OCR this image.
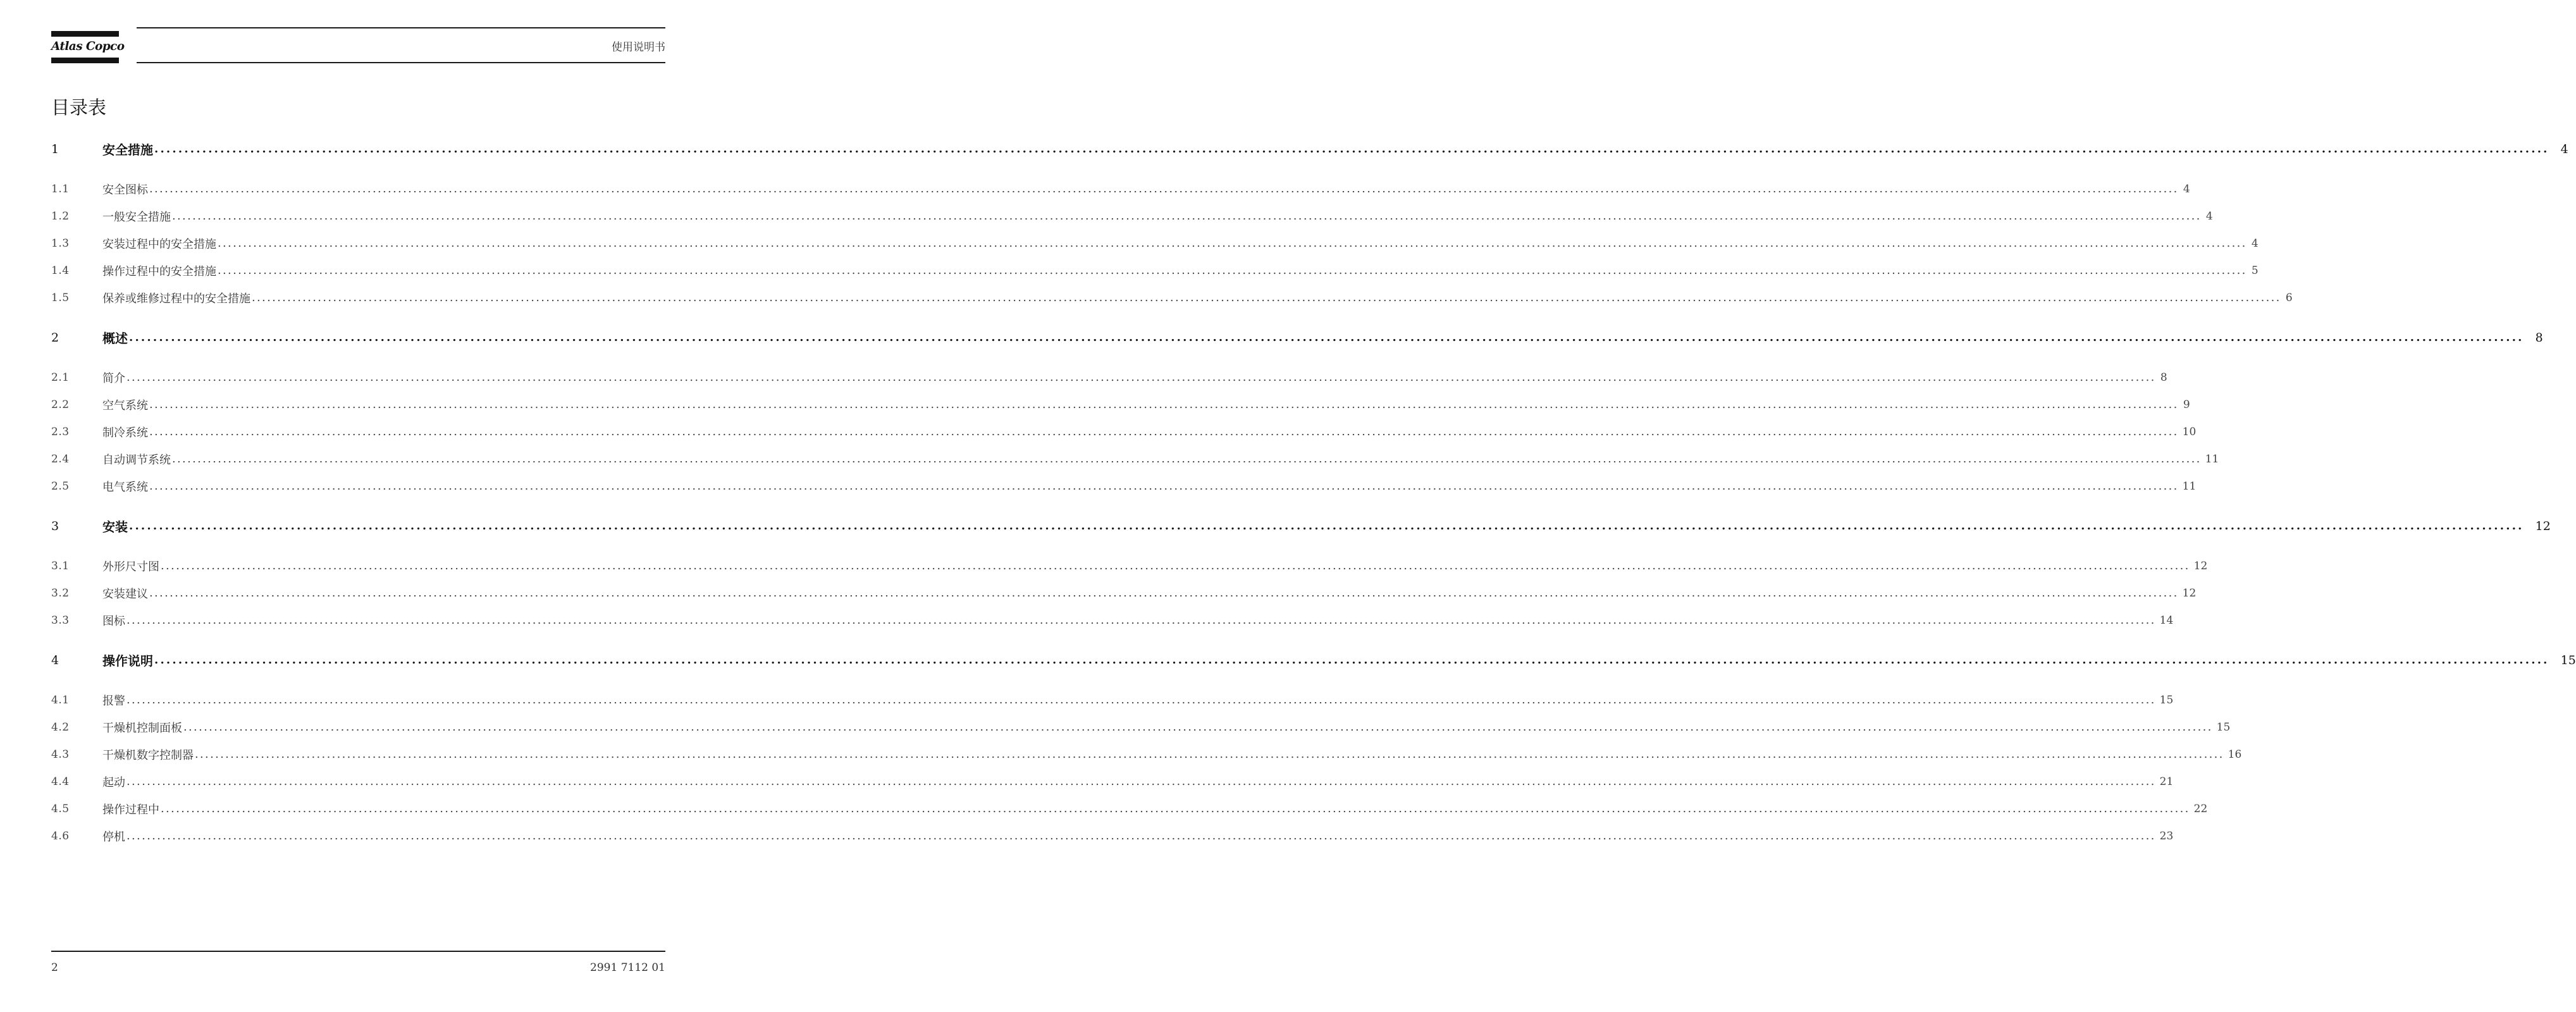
Atlas Copco	使用说明书
目录表
1	安全措施 ................................................................................................................................................................................................................................................................................................................................................................................................................ 4
1.1	安全图标 ................................................................................................................................................................................................................................................................................................................................................................................................................ 4
1.2	一般安全措施 ................................................................................................................................................................................................................................................................................................................................................................................................................ 4
1.3	安装过程中的安全措施 ................................................................................................................................................................................................................................................................................................................................................................................................................ 4
1.4	操作过程中的安全措施 ................................................................................................................................................................................................................................................................................................................................................................................................................ 5
1.5	保养或维修过程中的安全措施 ................................................................................................................................................................................................................................................................................................................................................................................................................ 6
2	概述 ................................................................................................................................................................................................................................................................................................................................................................................................................ 8
2.1	简介 ................................................................................................................................................................................................................................................................................................................................................................................................................ 8
2.2	空气系统 ................................................................................................................................................................................................................................................................................................................................................................................................................ 9
2.3	制冷系统 ................................................................................................................................................................................................................................................................................................................................................................................................................ 10
2.4	自动调节系统 ................................................................................................................................................................................................................................................................................................................................................................................................................ 11
2.5	电气系统 ................................................................................................................................................................................................................................................................................................................................................................................................................ 11
3	安装 ................................................................................................................................................................................................................................................................................................................................................................................................................ 12
3.1	外形尺寸图 ................................................................................................................................................................................................................................................................................................................................................................................................................ 12
3.2	安装建议 ................................................................................................................................................................................................................................................................................................................................................................................................................ 12
3.3	图标 ................................................................................................................................................................................................................................................................................................................................................................................................................ 14
4	操作说明 ................................................................................................................................................................................................................................................................................................................................................................................................................ 15
4.1	报警 ................................................................................................................................................................................................................................................................................................................................................................................................................ 15
4.2	干燥机控制面板 ................................................................................................................................................................................................................................................................................................................................................................................................................ 15
4.3	干燥机数字控制器 ................................................................................................................................................................................................................................................................................................................................................................................................................ 16
4.4	起动 ................................................................................................................................................................................................................................................................................................................................................................................................................ 21
4.5	操作过程中 ................................................................................................................................................................................................................................................................................................................................................................................................................ 22
4.6	停机 ................................................................................................................................................................................................................................................................................................................................................................................................................ 23
2	2991 7112 01
